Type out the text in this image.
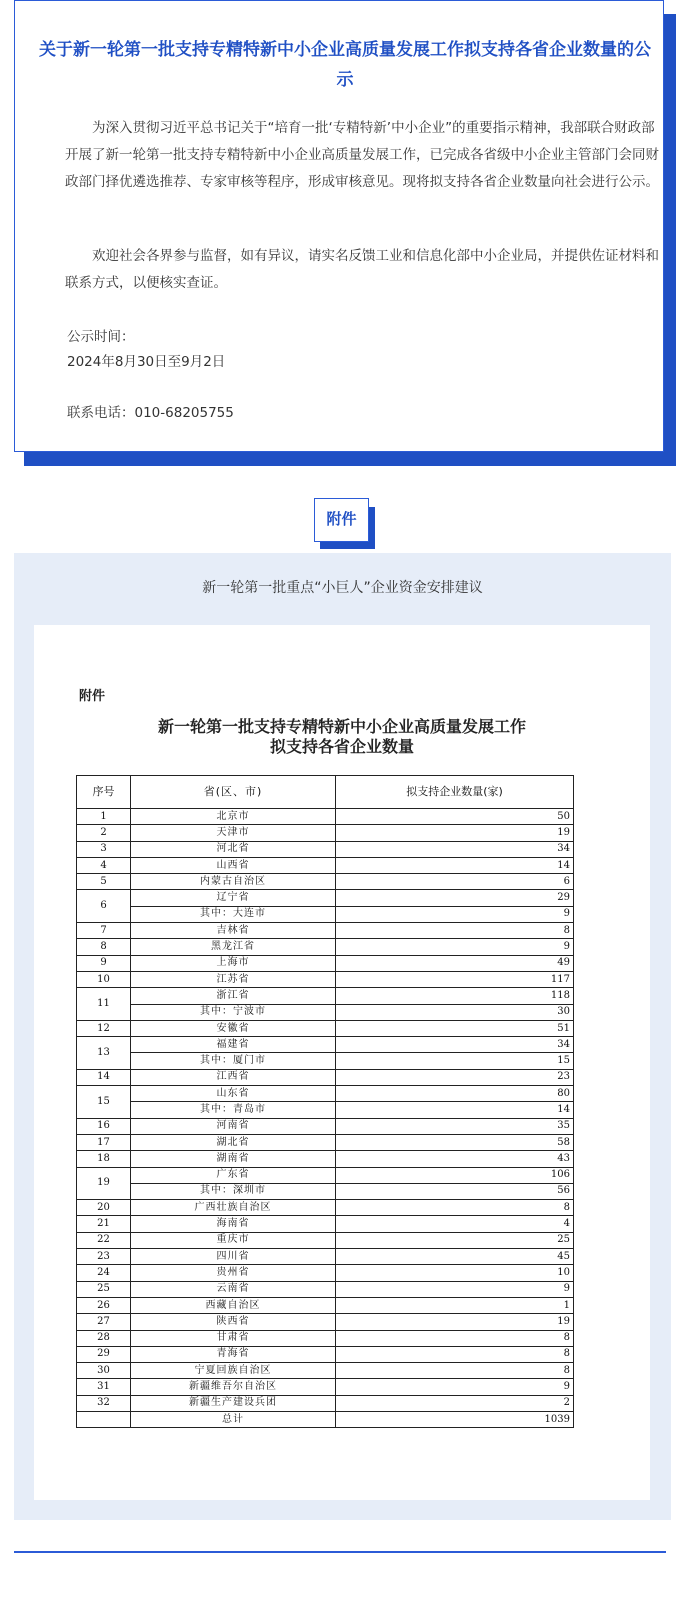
关于新一轮第一批支持专精特新中小企业高质量发展工作拟支持各省企业数量的公示
为深入贯彻习近平总书记关于“培育一批‘专精特新’中小企业”的重要指示精神，我部联合财政部开展了新一轮第一批支持专精特新中小企业高质量发展工作，已完成各省级中小企业主管部门会同财政部门择优遴选推荐、专家审核等程序，形成审核意见。现将拟支持各省企业数量向社会进行公示。
欢迎社会各界参与监督，如有异议，请实名反馈工业和信息化部中小企业局，并提供佐证材料和联系方式，以便核实查证。
公示时间：
2024年8月30日至9月2日
联系电话：010-68205755
附件
新一轮第一批重点“小巨人”企业资金安排建议
附件
新一轮第一批支持专精特新中小企业高质量发展工作
拟支持各省企业数量
序号	省(区、市)	拟支持企业数量(家)
1	北京市	50
2	天津市	19
3	河北省	34
4	山西省	14
5	内蒙古自治区	6
6	辽宁省	29
	其中：大连市	9
7	吉林省	8
8	黑龙江省	9
9	上海市	49
10	江苏省	117
11	浙江省	118
	其中：宁波市	30
12	安徽省	51
13	福建省	34
	其中：厦门市	15
14	江西省	23
15	山东省	80
	其中：青岛市	14
16	河南省	35
17	湖北省	58
18	湖南省	43
19	广东省	106
	其中：深圳市	56
20	广西壮族自治区	8
21	海南省	4
22	重庆市	25
23	四川省	45
24	贵州省	10
25	云南省	9
26	西藏自治区	1
27	陕西省	19
28	甘肃省	8
29	青海省	8
30	宁夏回族自治区	8
31	新疆维吾尔自治区	9
32	新疆生产建设兵团	2
	总计	1039
